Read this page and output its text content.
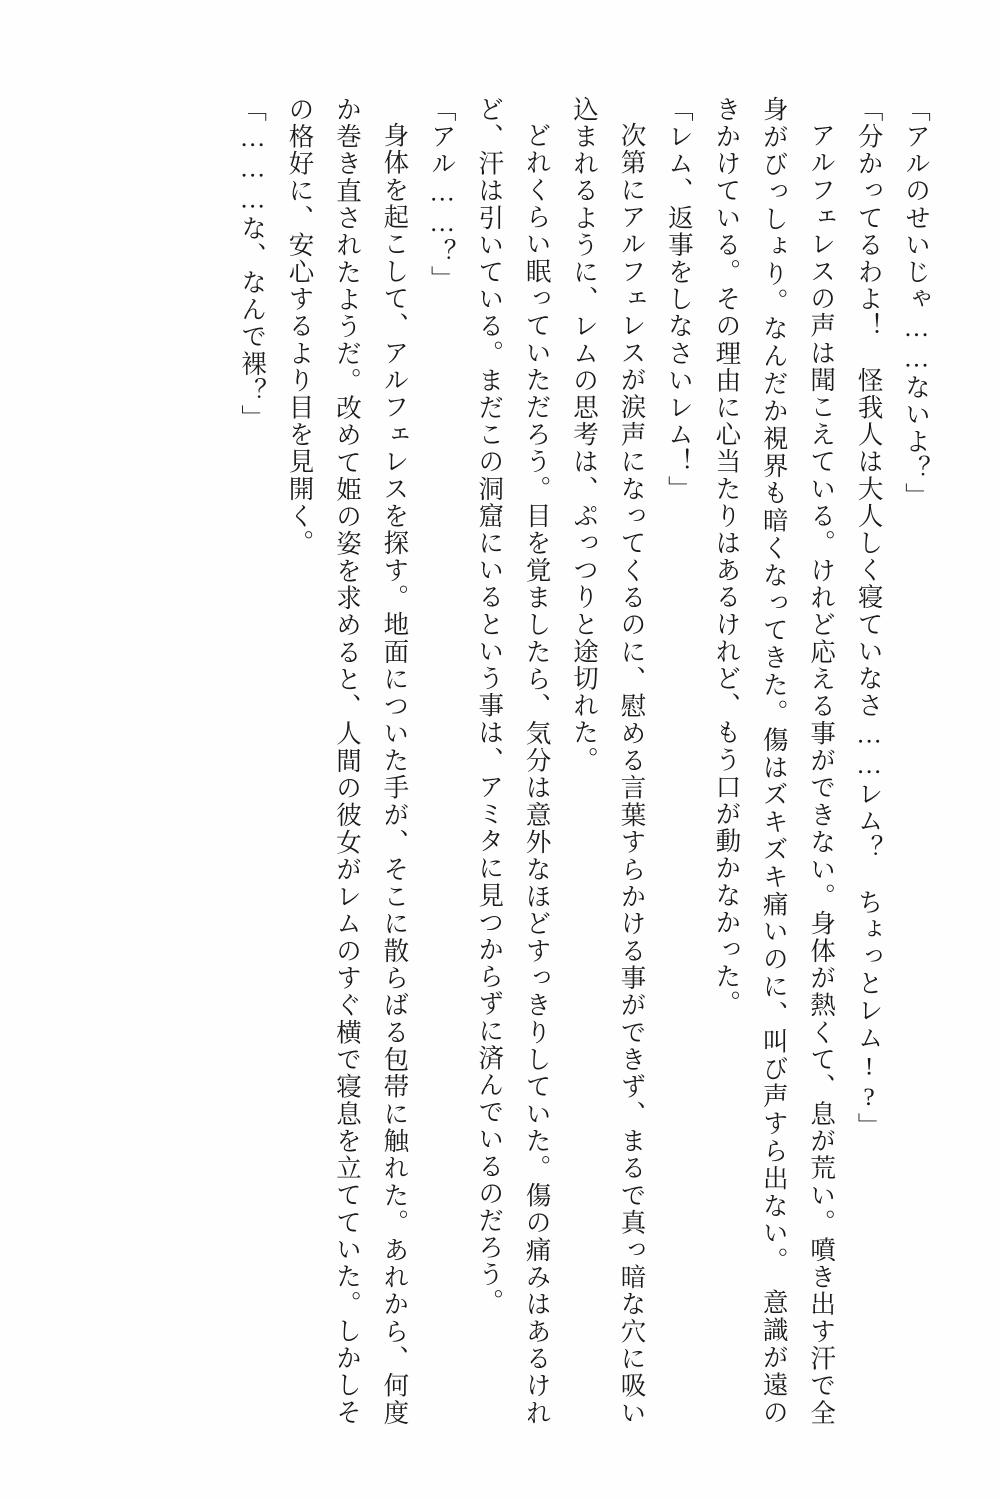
「アルのせいじゃ……ないよ？」

「分かってるわよ！　怪我人は大人しく寝ていなさ……レム？　ちょっとレム!?」

アルフェレスの声は聞こえている。けれど応える事ができない。身体が熱くて、息が荒い。噴き出す汗で全身がびっしょり。なんだか視界も暗くなってきた。傷はズキズキ痛いのに、叫び声すら出ない。　意識が遠のきかけている。その理由に心当たりはあるけれど、もう口が動かなかった。

「レム、返事をしなさいレム！」

次第にアルフェレスが涙声になってくるのに、慰める言葉すらかける事ができず、まるで真っ暗な穴に吸い込まれるように、レムの思考は、ぷっつりと途切れた。

どれくらい眠っていただろう。目を覚ましたら、気分は意外なほどすっきりしていた。傷の痛みはあるけれど、汗は引いている。まだこの洞窟にいるという事は、アミタに見つからずに済んでいるのだろう。

「アル……？」

身体を起こして、アルフェレスを探す。地面についた手が、そこに散らばる包帯に触れた。あれから、何度か巻き直されたようだ。改めて姫の姿を求めると、人間の彼女がレムのすぐ横で寝息を立てていた。しかしその格好に、安心するより目を見開く。

「………な、なんで裸？」
